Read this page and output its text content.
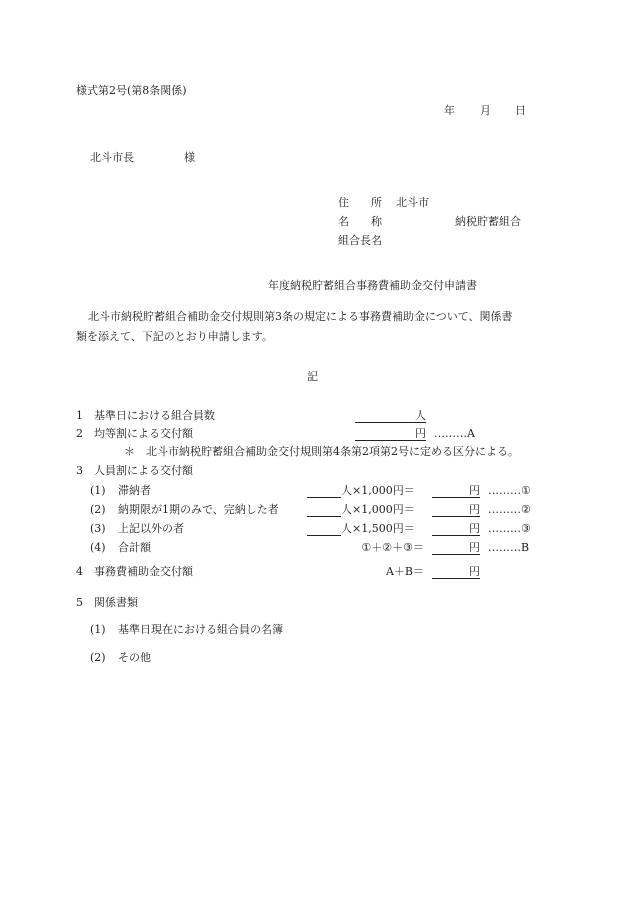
様式第2号(第8条関係)
年 月 日
北斗市長	様
住　　所 北斗市
名　　称	納税貯蓄組合
組合長名
年度納税貯蓄組合事務費補助金交付申請書
北斗市納税貯蓄組合補助金交付規則第3条の規定による事務費補助金について、関係書
類を添えて、下記のとおり申請します。
記
1 基準日における組合員数	人
2 均等割による交付額	円 ………A
＊　北斗市納税貯蓄組合補助金交付規則第4条第2項第2号に定める区分による。
3 人員割による交付額
(1) 滞納者	人×1,000円＝	円 ………①
(2) 納期限が1期のみで、完納した者	人×1,000円＝	円 ………②
(3) 上記以外の者	人×1,500円＝	円 ………③
(4) 合計額	①＋②＋③＝	円 ………B
4 事務費補助金交付額	A＋B＝	円
5 関係書類
(1) 基準日現在における組合員の名簿
(2) その他
